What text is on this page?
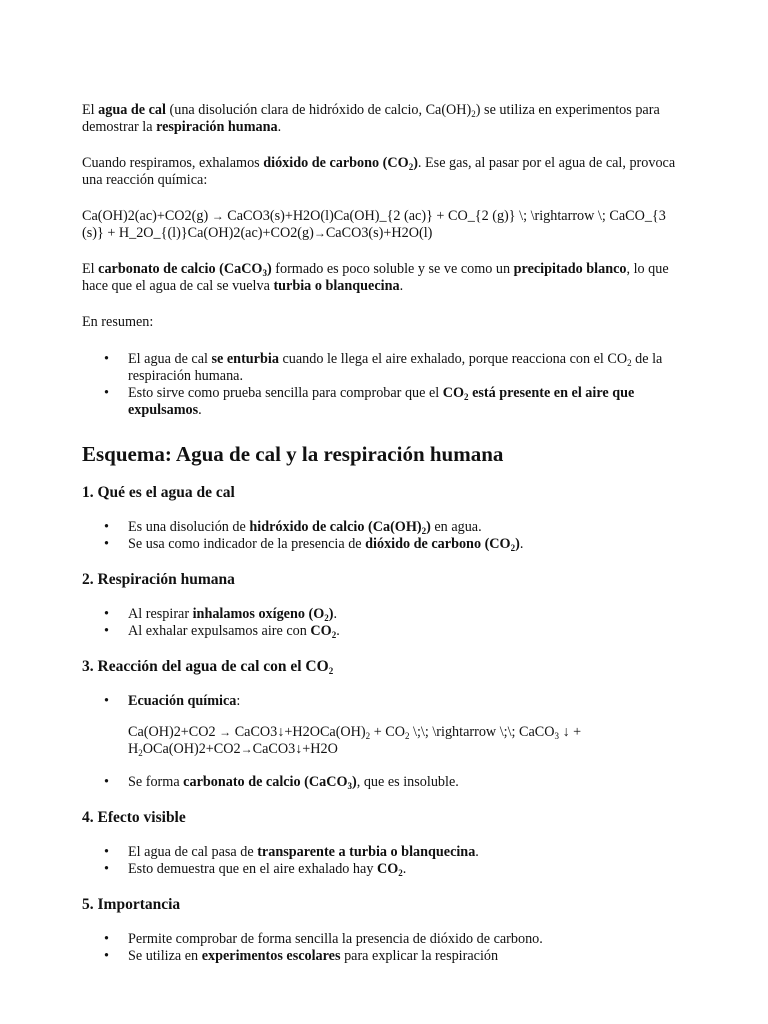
El agua de cal (una disolución clara de hidróxido de calcio, $Ca(OH)_2$) se utiliza en experimentos para demostrar la respiración humana.

Cuando respiramos, exhalamos dióxido de carbono $(CO_2)$. Ese gas, al pasar por el agua de cal, provoca una reacción química:

Ca(OH)2(ac)+CO2(g) → CaCO3(s)+H2O(l)Ca(OH)_{2 (ac)} + CO_{2 (g)} \; \rightarrow \; CaCO_{3 (s)} + H_2O_{(l)}Ca(OH)2(ac)+CO2(g)→CaCO3(s)+H2O(l)

El carbonato de calcio (CaCO$_3$) formado es poco soluble y se ve como un precipitado blanco, lo que hace que el agua de cal se vuelva turbia o blanquecina.

En resumen:

• El agua de cal se enturbia cuando le llega el aire exhalado, porque reacciona con el $CO_2$ de la respiración humana.
• Esto sirve como prueba sencilla para comprobar que el $CO_2$ está presente en el aire que expulsamos.
Esquema: Agua de cal y la respiración humana
1. Qué es el agua de cal
• Es una disolución de hidróxido de calcio $(Ca(OH)_2)$ en agua.
• Se usa como indicador de la presencia de dióxido de carbono $(CO_2)$.
2. Respiración humana
• Al respirar inhalamos oxígeno $(O_2)$.
• Al exhalar expulsamos aire con $CO_2$.
3. Reacción del agua de cal con el $CO_2$
• Ecuación química:
$Ca(OH)2+CO2 \to CaCO3↓+H2OCa(OH)_2 + CO_2$ \;\; \rightarrow \;\; CaCO$_3$ ↓ + $H_2OCa(OH)2+CO2\to CaCO3↓+H2O$
• Se forma carbonato de calcio (CaCO$_3$), que es insoluble.
4. Efecto visible
• El agua de cal pasa de transparente a turbia o blanquecina.
• Esto demuestra que en el aire exhalado hay $CO_2$.
5. Importancia
• Permite comprobar de forma sencilla la presencia de dióxido de carbono.
• Se utiliza en experimentos escolares para explicar la respiración
